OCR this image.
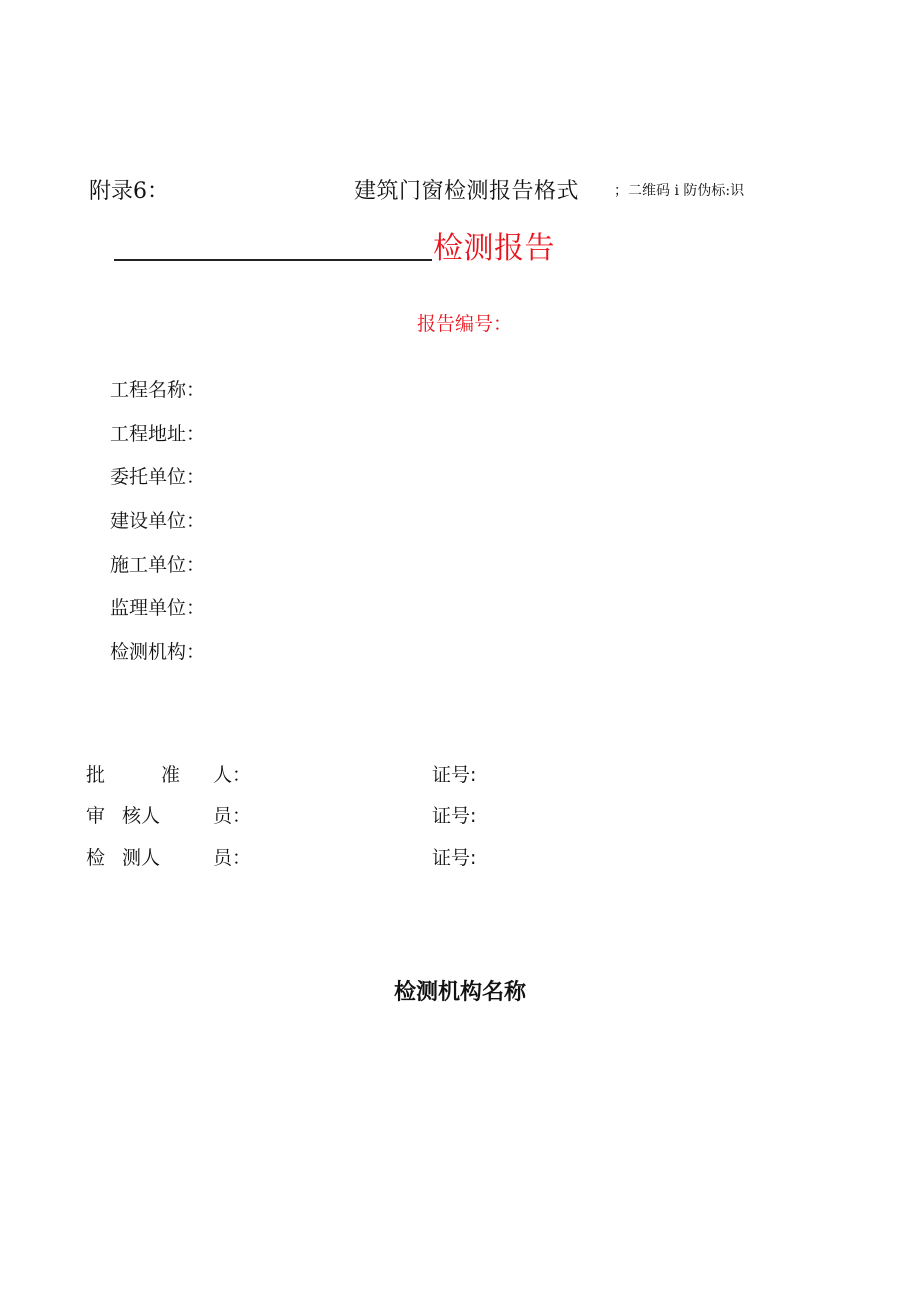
附录6：	建筑门窗检测报告格式 ；二维码 i 防伪标:识
检测报告
报告编号：
工程名称：
工程地址：
委托单位：
建设单位：
施工单位：
监理单位：
检测机构：
批	准 人：	证号:
审 核人	员：	证号:
检 测人	员：	证号:
检测机构名称
